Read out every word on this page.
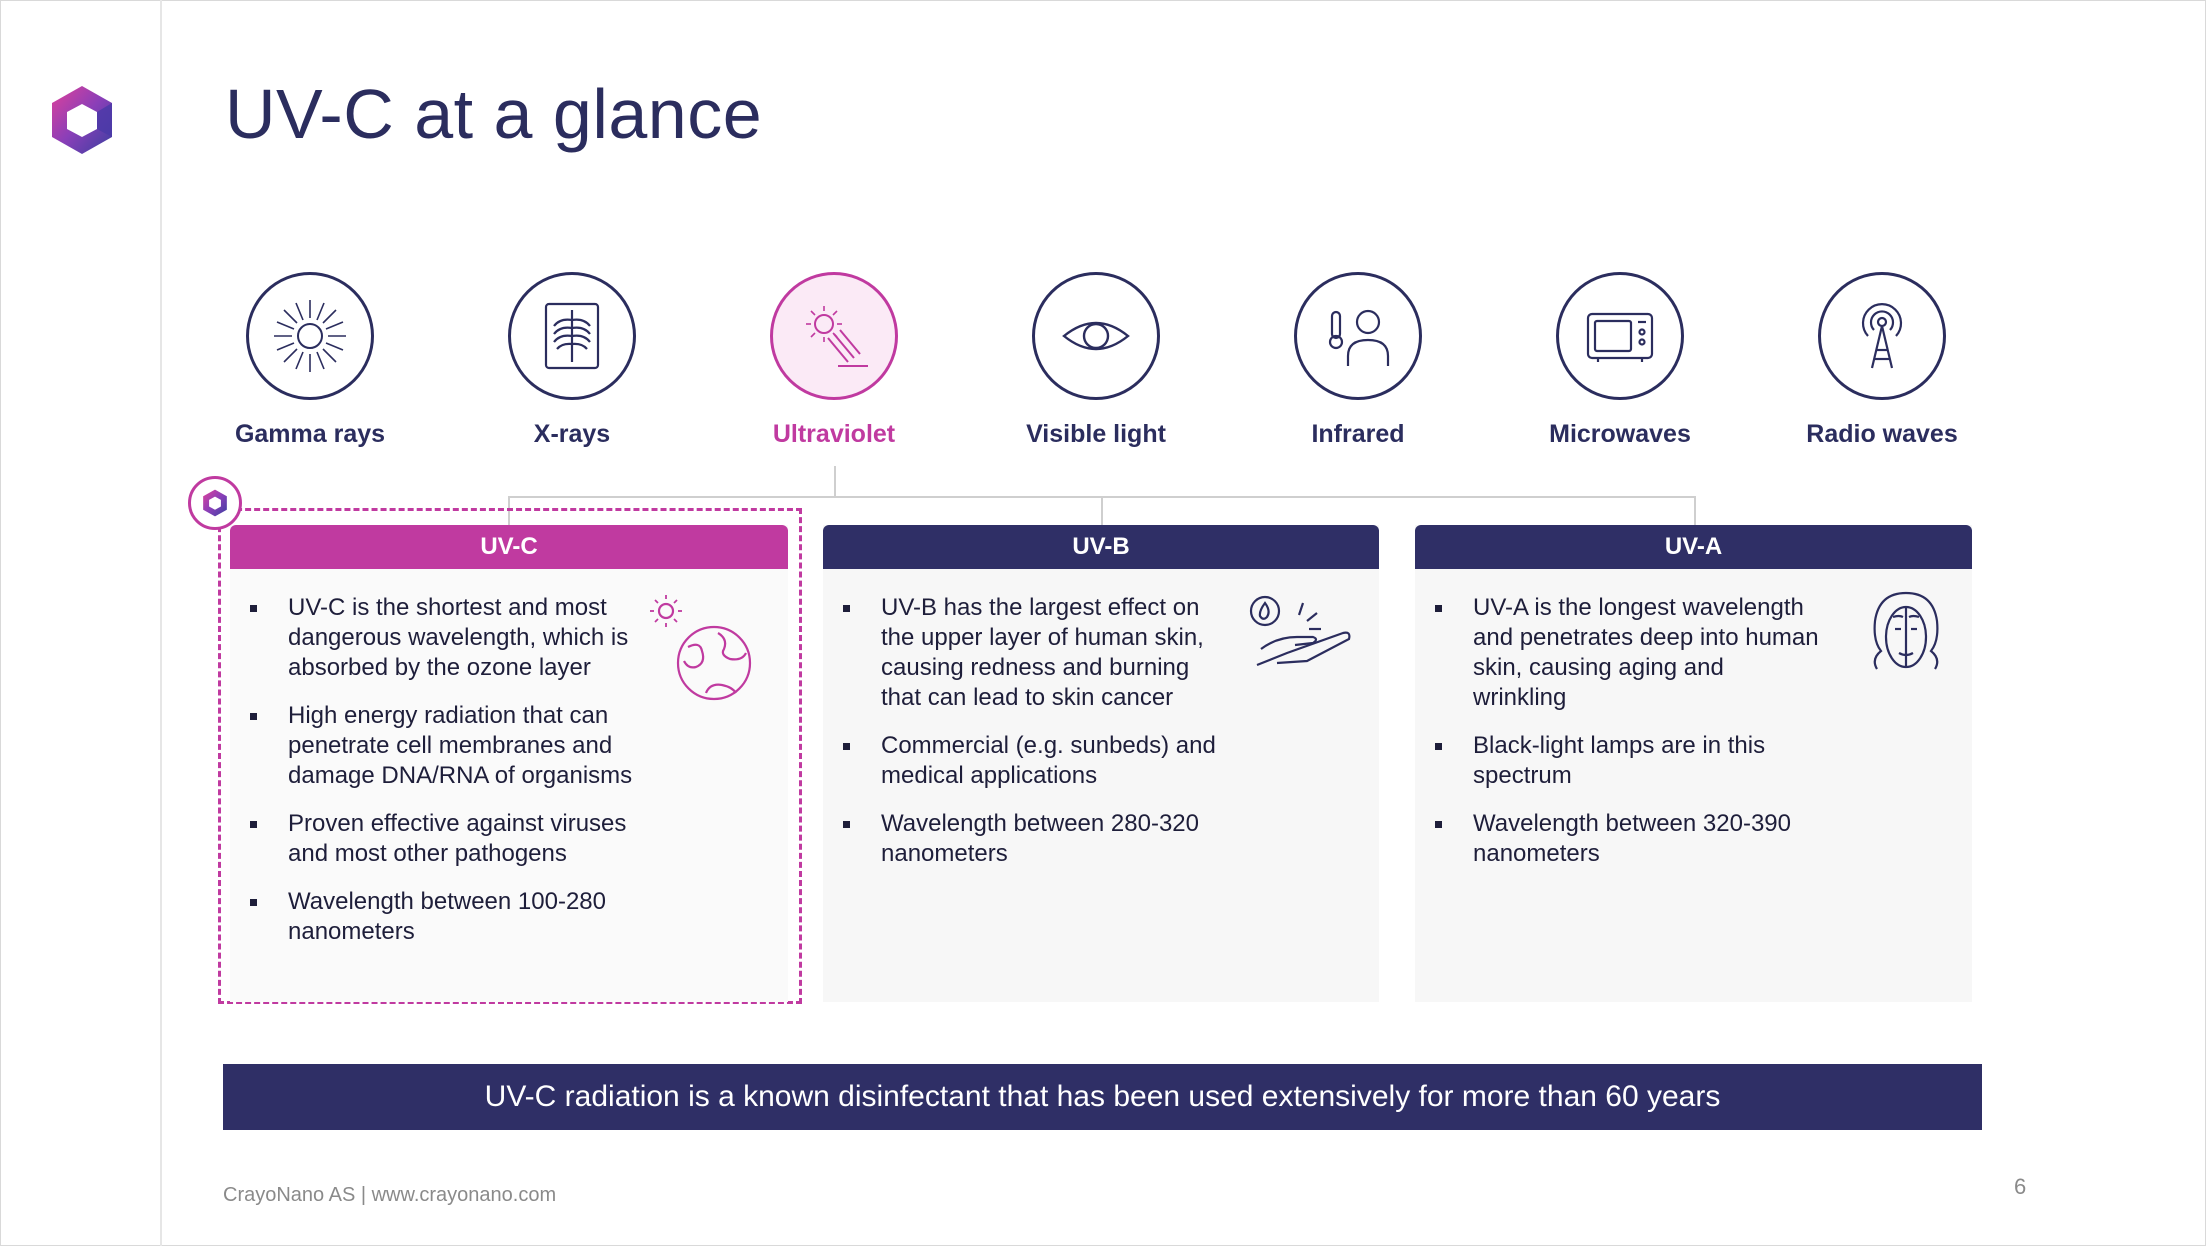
UV-C at a glance
Gamma rays	X-rays	Ultraviolet	Visible light	Infrared	Microwaves	Radio waves
UV-C
UV-C is the shortest and most dangerous wavelength, which is absorbed by the ozone layer
High energy radiation that can penetrate cell membranes and damage DNA/RNA of organisms
Proven effective against viruses and most other pathogens
Wavelength between 100-280 nanometers
UV-B
UV-B has the largest effect on the upper layer of human skin, causing redness and burning that can lead to skin cancer
Commercial (e.g. sunbeds) and medical applications
Wavelength between 280-320 nanometers
UV-A
UV-A is the longest wavelength and penetrates deep into human skin, causing aging and wrinkling
Black-light lamps are in this spectrum
Wavelength between 320-390 nanometers
UV-C radiation is a known disinfectant that has been used extensively for more than 60 years
CrayoNano AS | www.crayonano.com	6
